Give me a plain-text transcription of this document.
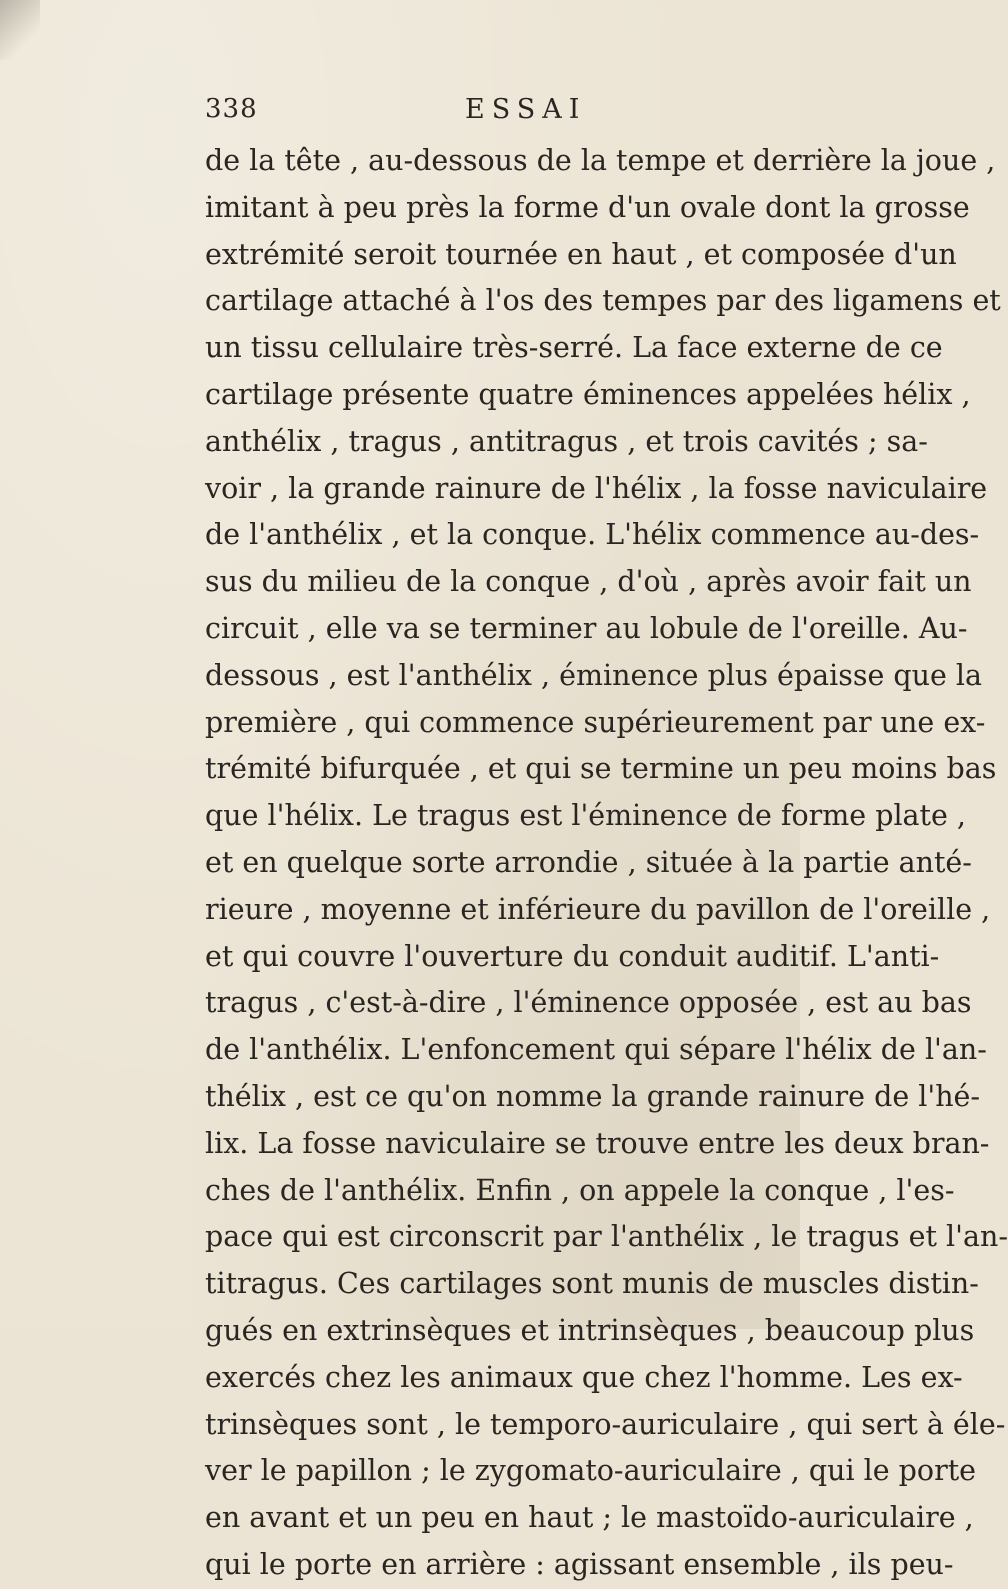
338	ESSAI
de la tête , au-dessous de la tempe et derrière la joue ,
imitant à peu près la forme d'un ovale dont la grosse
extrémité seroit tournée en haut , et composée d'un
cartilage attaché à l'os des tempes par des ligamens et
un tissu cellulaire très-serré. La face externe de ce
cartilage présente quatre éminences appelées hélix ,
anthélix , tragus , antitragus , et trois cavités ; sa-
voir , la grande rainure de l'hélix , la fosse naviculaire
de l'anthélix , et la conque. L'hélix commence au-des-
sus du milieu de la conque , d'où , après avoir fait un
circuit , elle va se terminer au lobule de l'oreille. Au-
dessous , est l'anthélix , éminence plus épaisse que la
première , qui commence supérieurement par une ex-
trémité bifurquée , et qui se termine un peu moins bas
que l'hélix. Le tragus est l'éminence de forme plate ,
et en quelque sorte arrondie , située à la partie anté-
rieure , moyenne et inférieure du pavillon de l'oreille ,
et qui couvre l'ouverture du conduit auditif. L'anti-
tragus , c'est-à-dire , l'éminence opposée , est au bas
de l'anthélix. L'enfoncement qui sépare l'hélix de l'an-
thélix , est ce qu'on nomme la grande rainure de l'hé-
lix. La fosse naviculaire se trouve entre les deux bran-
ches de l'anthélix. Enfin , on appele la conque , l'es-
pace qui est circonscrit par l'anthélix , le tragus et l'an-
titragus. Ces cartilages sont munis de muscles distin-
gués en extrinsèques et intrinsèques , beaucoup plus
exercés chez les animaux que chez l'homme. Les ex-
trinsèques sont , le temporo-auriculaire , qui sert à éle-
ver le papillon ; le zygomato-auriculaire , qui le porte
en avant et un peu en haut ; le mastoïdo-auriculaire ,
qui le porte en arrière : agissant ensemble , ils peu-
